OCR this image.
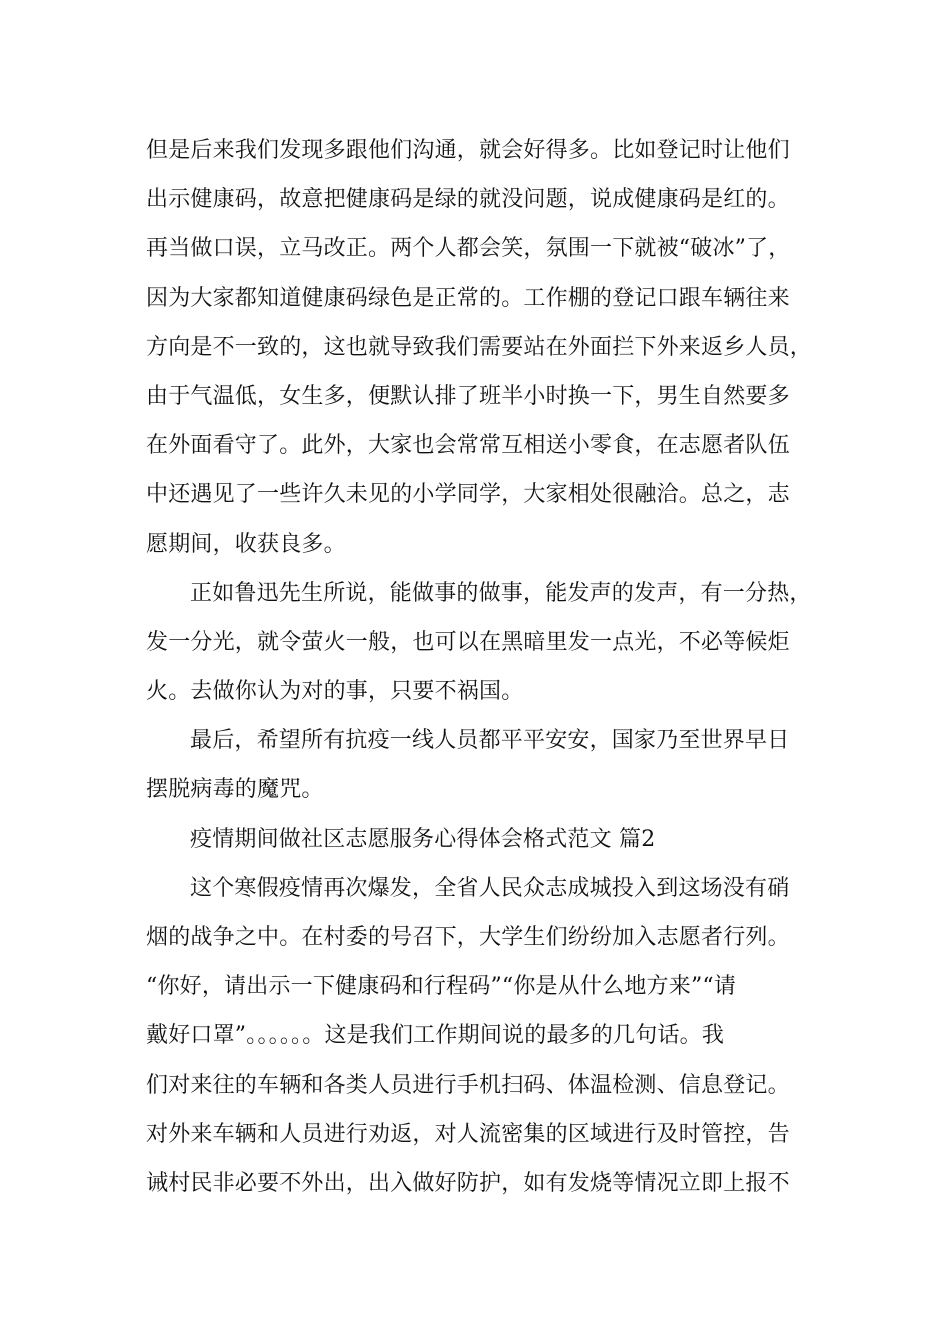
但是后来我们发现多跟他们沟通，就会好得多。比如登记时让他们
出示健康码，故意把健康码是绿的就没问题，说成健康码是红的。
再当做口误，立马改正。两个人都会笑，氛围一下就被“破冰”了，
因为大家都知道健康码绿色是正常的。工作棚的登记口跟车辆往来
方向是不一致的，这也就导致我们需要站在外面拦下外来返乡人员，
由于气温低，女生多，便默认排了班半小时换一下，男生自然要多
在外面看守了。此外，大家也会常常互相送小零食，在志愿者队伍
中还遇见了一些许久未见的小学同学，大家相处很融洽。总之，志
愿期间，收获良多。
正如鲁迅先生所说，能做事的做事，能发声的发声，有一分热，
发一分光，就令萤火一般，也可以在黑暗里发一点光，不必等候炬
火。去做你认为对的事，只要不祸国。
最后，希望所有抗疫一线人员都平平安安，国家乃至世界早日
摆脱病毒的魔咒。
疫情期间做社区志愿服务心得体会格式范文 篇2
这个寒假疫情再次爆发，全省人民众志成城投入到这场没有硝
烟的战争之中。在村委的号召下，大学生们纷纷加入志愿者行列。
“你好，请出示一下健康码和行程码”“你是从什么地方来”“请
戴好口罩”。。。。。。这是我们工作期间说的最多的几句话。我
们对来往的车辆和各类人员进行手机扫码、体温检测、信息登记。
对外来车辆和人员进行劝返，对人流密集的区域进行及时管控，告
诫村民非必要不外出，出入做好防护，如有发烧等情况立即上报不
